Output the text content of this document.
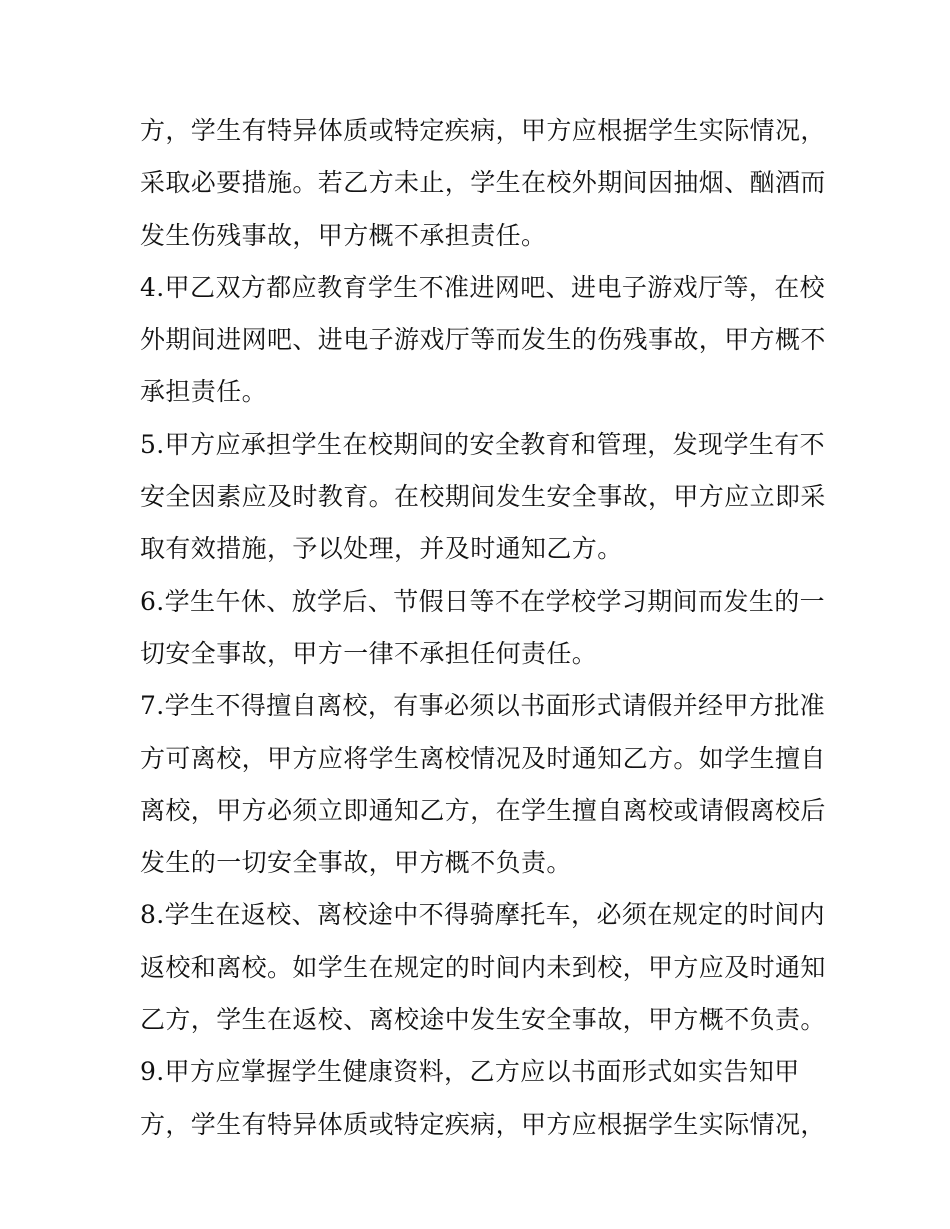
方，学生有特异体质或特定疾病，甲方应根据学生实际情况，
采取必要措施。若乙方未止，学生在校外期间因抽烟、酗酒而
发生伤残事故，甲方概不承担责任。
4.甲乙双方都应教育学生不准进网吧、进电子游戏厅等，在校
外期间进网吧、进电子游戏厅等而发生的伤残事故，甲方概不
承担责任。
5.甲方应承担学生在校期间的安全教育和管理，发现学生有不
安全因素应及时教育。在校期间发生安全事故，甲方应立即采
取有效措施，予以处理，并及时通知乙方。
6.学生午休、放学后、节假日等不在学校学习期间而发生的一
切安全事故，甲方一律不承担任何责任。
7.学生不得擅自离校，有事必须以书面形式请假并经甲方批准
方可离校，甲方应将学生离校情况及时通知乙方。如学生擅自
离校，甲方必须立即通知乙方，在学生擅自离校或请假离校后
发生的一切安全事故，甲方概不负责。
8.学生在返校、离校途中不得骑摩托车，必须在规定的时间内
返校和离校。如学生在规定的时间内未到校，甲方应及时通知
乙方，学生在返校、离校途中发生安全事故，甲方概不负责。
9.甲方应掌握学生健康资料，乙方应以书面形式如实告知甲
方，学生有特异体质或特定疾病，甲方应根据学生实际情况，
